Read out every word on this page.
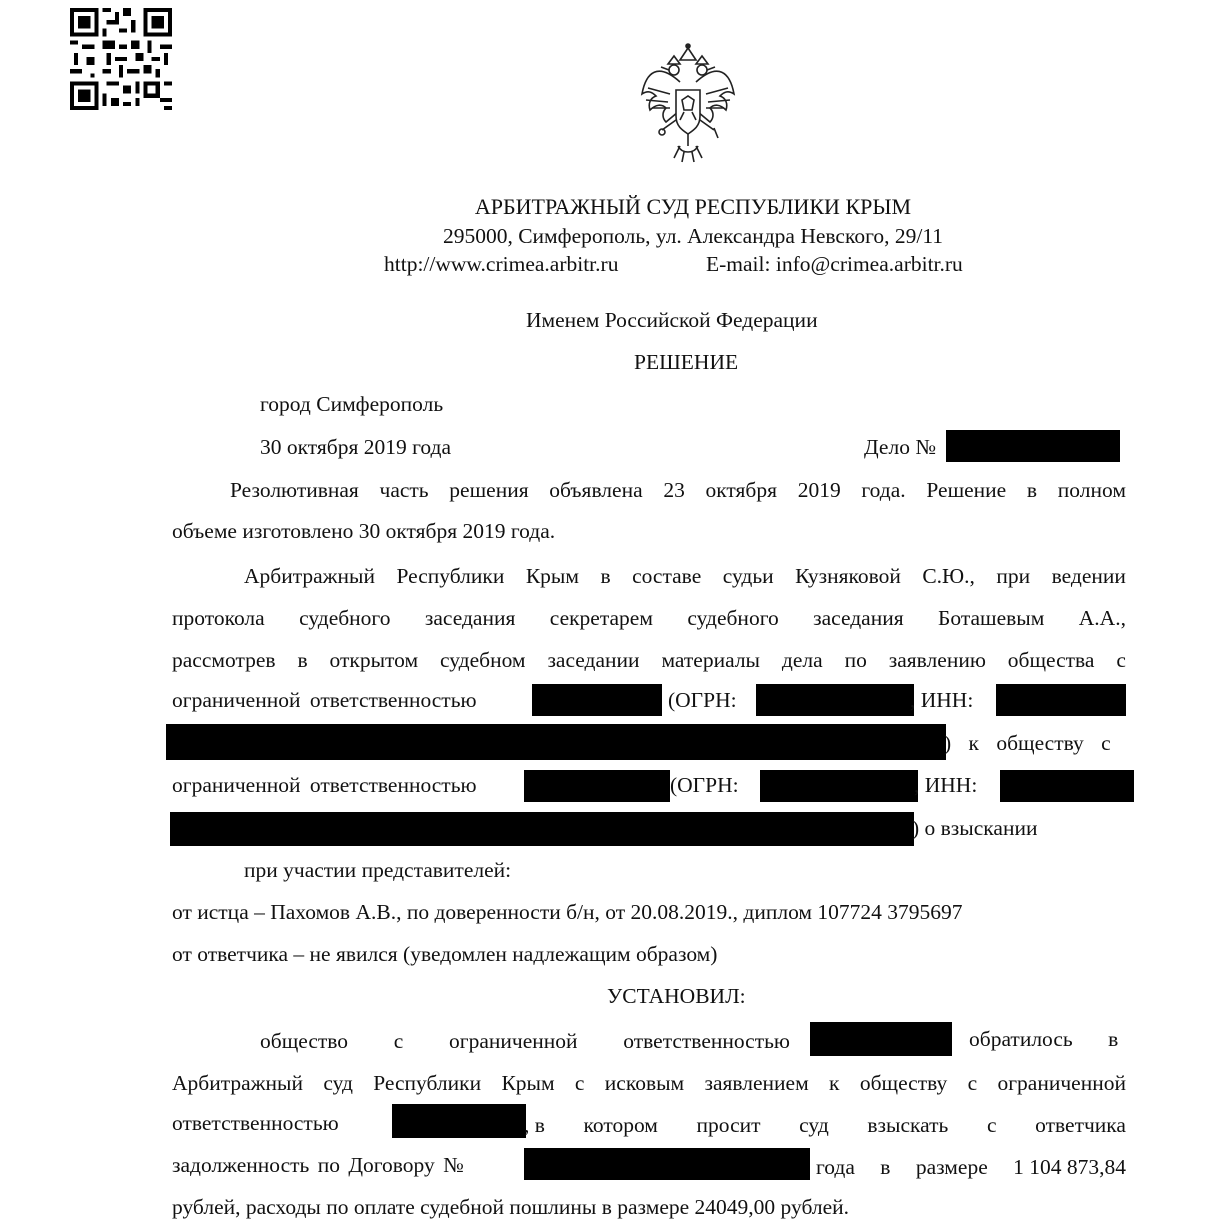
АРБИТРАЖНЫЙ СУД РЕСПУБЛИКИ КРЫМ
295000, Симферополь, ул. Александра Невского, 29/11
http://www.crimea.arbitr.ru	E-mail: info@crimea.arbitr.ru
Именем Российской Федерации
РЕШЕНИЕ
город Симферополь
30 октября 2019 года	Дело №
Резолютивная часть решения объявлена 23 октября 2019 года. Решение в полном
объеме изготовлено 30 октября 2019 года.
Арбитражный Республики Крым в составе судьи Кузняковой С.Ю., при ведении
протокола судебного заседания секретарем судебного заседания Боташевым А.А.,
рассмотрев в открытом судебном заседании материалы дела по заявлению общества с
ограниченной ответственностью	(ОГРН:	, ИНН:
) к обществу с
ограниченной ответственностью	(ОГРН:	, ИНН:
) о взыскании
при участии представителей:
от истца – Пахомов А.В., по доверенности б/н, от 20.08.2019., диплом 107724 3795697
от ответчика – не явился (уведомлен надлежащим образом)
УСТАНОВИЛ:
общество с ограниченной ответственностью	обратилось в
Арбитражный суд Республики Крым с исковым заявлением к обществу с ограниченной
ответственностью	, в котором просит суд взыскать с ответчика
задолженность по Договору №	года в размере 1 104 873,84
рублей, расходы по оплате судебной пошлины в размере 24049,00 рублей.
